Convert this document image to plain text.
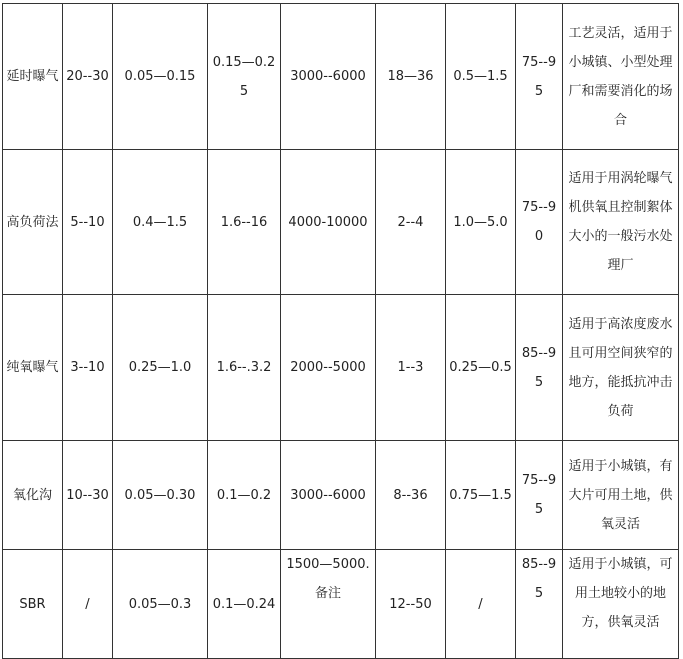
延时曝气	20--30	0.05—0.15	0.15—0.25	3000--6000	18—36	0.5—1.5	75--95	工艺灵活，适用于小城镇、小型处理厂和需要消化的场合
高负荷法	5--10	0.4—1.5	1.6--16	4000-10000	2--4	1.0—5.0	75--90	适用于用涡轮曝气机供氧且控制絮体大小的一般污水处理厂
纯氧曝气	3--10	0.25—1.0	1.6--.3.2	2000--5000	1--3	0.25—0.5	85--95	适用于高浓度废水且可用空间狭窄的地方，能抵抗冲击负荷
氧化沟	10--30	0.05—0.30	0.1—0.2	3000--6000	8--36	0.75—1.5	75--95	适用于小城镇，有大片可用土地，供氧灵活
SBR	/	0.05—0.3	0.1—0.24	1500—5000.备注	12--50	/	85--95	适用于小城镇，可用土地较小的地方，供氧灵活
